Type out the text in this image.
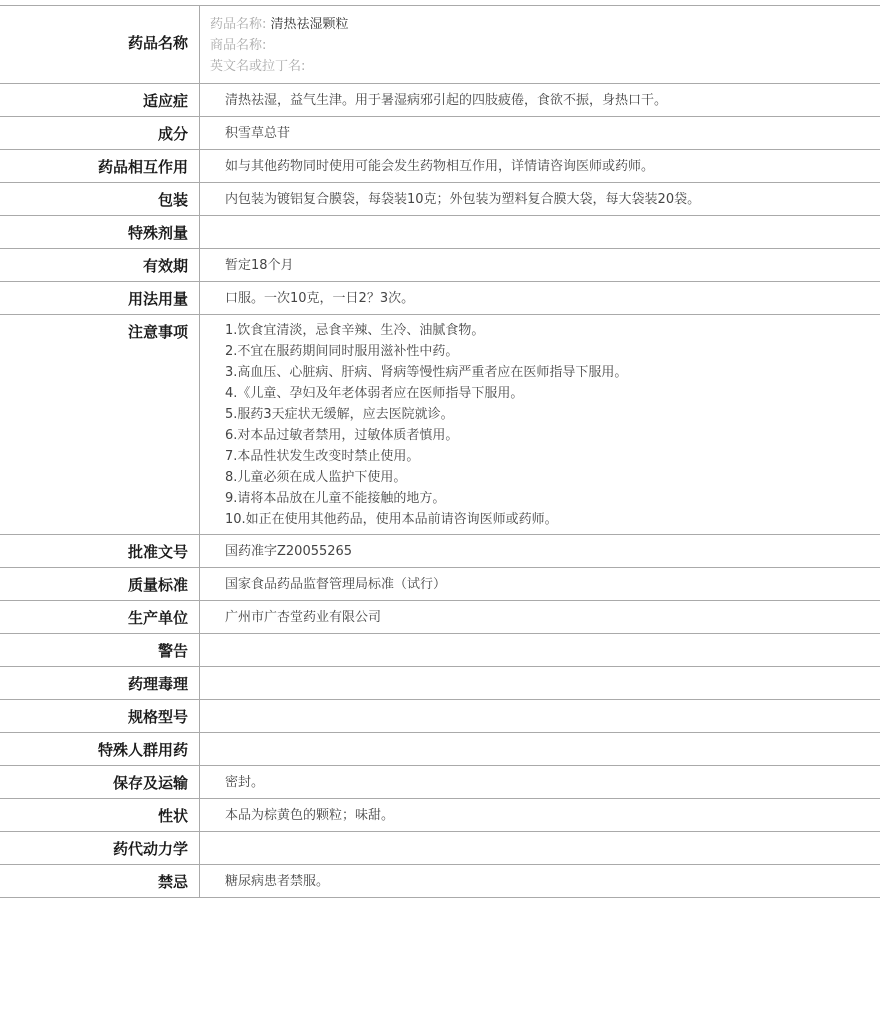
药品名称
药品名称: 清热祛湿颗粒
商品名称:
英文名或拉丁名:
适应症	清热祛湿，益气生津。用于暑湿病邪引起的四肢疲倦，食欲不振，身热口干。
成分	积雪草总苷
药品相互作用	如与其他药物同时使用可能会发生药物相互作用，详情请咨询医师或药师。
包装	内包装为镀铝复合膜袋，每袋装10克；外包装为塑料复合膜大袋，每大袋装20袋。
特殊剂量
有效期	暂定18个月
用法用量	口服。一次10克，一日2？3次。
注意事项	1.饮食宜清淡，忌食辛辣、生冷、油腻食物。
2.不宜在服药期间同时服用滋补性中药。
3.高血压、心脏病、肝病、肾病等慢性病严重者应在医师指导下服用。
4.《儿童、孕妇及年老体弱者应在医师指导下服用。
5.服药3天症状无缓解，应去医院就诊。
6.对本品过敏者禁用，过敏体质者慎用。
7.本品性状发生改变时禁止使用。
8.儿童必须在成人监护下使用。
9.请将本品放在儿童不能接触的地方。
10.如正在使用其他药品，使用本品前请咨询医师或药师。
批准文号	国药准字Z20055265
质量标准	国家食品药品监督管理局标准（试行）
生产单位	广州市广杏堂药业有限公司
警告
药理毒理
规格型号
特殊人群用药
保存及运输	密封。
性状	本品为棕黄色的颗粒；味甜。
药代动力学
禁忌	糖尿病患者禁服。
